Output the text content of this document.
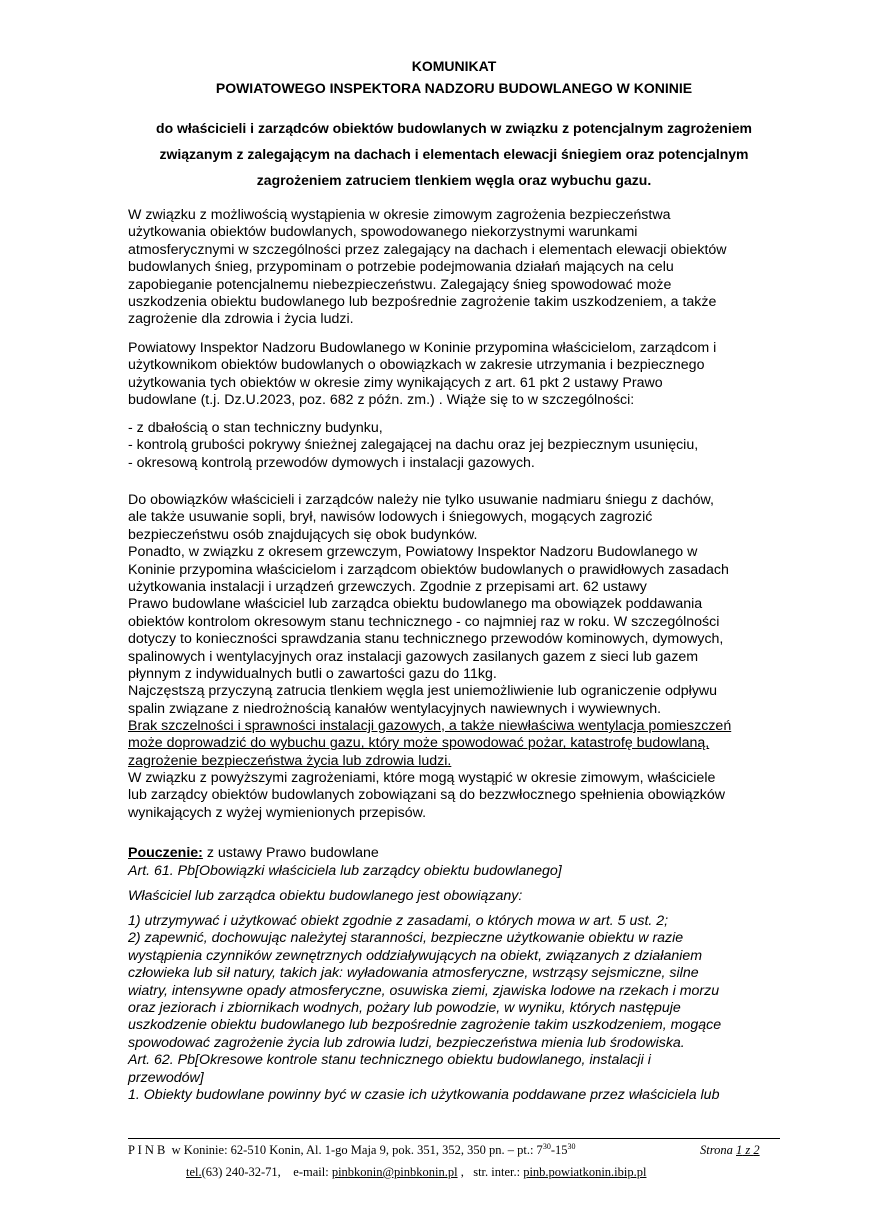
KOMUNIKAT
POWIATOWEGO INSPEKTORA NADZORU BUDOWLANEGO W KONINIE
do właścicieli i zarządców obiektów budowlanych w związku z potencjalnym zagrożeniem
związanym z zalegającym na dachach i elementach elewacji śniegiem oraz potencjalnym
zagrożeniem zatruciem tlenkiem węgla oraz wybuchu gazu.
W związku z możliwością wystąpienia w okresie zimowym zagrożenia bezpieczeństwa
użytkowania obiektów budowlanych, spowodowanego niekorzystnymi warunkami
atmosferycznymi w szczególności przez zalegający na dachach i elementach elewacji obiektów
budowlanych śnieg, przypominam o potrzebie podejmowania działań mających na celu
zapobieganie potencjalnemu niebezpieczeństwu. Zalegający śnieg spowodować może
uszkodzenia obiektu budowlanego lub bezpośrednie zagrożenie takim uszkodzeniem, a także
zagrożenie dla zdrowia i życia ludzi.
Powiatowy Inspektor Nadzoru Budowlanego w Koninie przypomina właścicielom, zarządcom i
użytkownikom obiektów budowlanych o obowiązkach w zakresie utrzymania i bezpiecznego
użytkowania tych obiektów w okresie zimy wynikających z art. 61 pkt 2 ustawy Prawo
budowlane (t.j. Dz.U.2023, poz. 682 z późn. zm.) . Wiąże się to w szczególności:
- z dbałością o stan techniczny budynku,
- kontrolą grubości pokrywy śnieżnej zalegającej na dachu oraz jej bezpiecznym usunięciu,
- okresową kontrolą przewodów dymowych i instalacji gazowych.
Do obowiązków właścicieli i zarządców należy nie tylko usuwanie nadmiaru śniegu z dachów,
ale także usuwanie sopli, brył, nawisów lodowych i śniegowych, mogących zagrozić
bezpieczeństwu osób znajdujących się obok budynków.
Ponadto, w związku z okresem grzewczym, Powiatowy Inspektor Nadzoru Budowlanego w
Koninie przypomina właścicielom i zarządcom obiektów budowlanych o prawidłowych zasadach
użytkowania instalacji i urządzeń grzewczych. Zgodnie z przepisami art. 62 ustawy
Prawo budowlane właściciel lub zarządca obiektu budowlanego ma obowiązek poddawania
obiektów kontrolom okresowym stanu technicznego - co najmniej raz w roku. W szczególności
dotyczy to konieczności sprawdzania stanu technicznego przewodów kominowych, dymowych,
spalinowych i wentylacyjnych oraz instalacji gazowych zasilanych gazem z sieci lub gazem
płynnym z indywidualnych butli o zawartości gazu do 11kg.
Najczęstszą przyczyną zatrucia tlenkiem węgla jest uniemożliwienie lub ograniczenie odpływu
spalin związane z niedrożnością kanałów wentylacyjnych nawiewnych i wywiewnych.
Brak szczelności i sprawności instalacji gazowych, a także niewłaściwa wentylacja pomieszczeń
może doprowadzić do wybuchu gazu, który może spowodować pożar, katastrofę budowlaną,
zagrożenie bezpieczeństwa życia lub zdrowia ludzi.
W związku z powyższymi zagrożeniami, które mogą wystąpić w okresie zimowym, właściciele
lub zarządcy obiektów budowlanych zobowiązani są do bezzwłocznego spełnienia obowiązków
wynikających z wyżej wymienionych przepisów.
Pouczenie: z ustawy Prawo budowlane
Art. 61. Pb[Obowiązki właściciela lub zarządcy obiektu budowlanego]
Właściciel lub zarządca obiektu budowlanego jest obowiązany:
1) utrzymywać i użytkować obiekt zgodnie z zasadami, o których mowa w art. 5 ust. 2;
2) zapewnić, dochowując należytej staranności, bezpieczne użytkowanie obiektu w razie
wystąpienia czynników zewnętrznych oddziaływujących na obiekt, związanych z działaniem
człowieka lub sił natury, takich jak: wyładowania atmosferyczne, wstrząsy sejsmiczne, silne
wiatry, intensywne opady atmosferyczne, osuwiska ziemi, zjawiska lodowe na rzekach i morzu
oraz jeziorach i zbiornikach wodnych, pożary lub powodzie, w wyniku, których następuje
uszkodzenie obiektu budowlanego lub bezpośrednie zagrożenie takim uszkodzeniem, mogące
spowodować zagrożenie życia lub zdrowia ludzi, bezpieczeństwa mienia lub środowiska.
Art. 62. Pb[Okresowe kontrole stanu technicznego obiektu budowlanego, instalacji i
przewodów]
1. Obiekty budowlane powinny być w czasie ich użytkowania poddawane przez właściciela lub
P I N B w Koninie: 62-510 Konin, Al. 1-go Maja 9, pok. 351, 352, 350 pn. – pt.: $7^{30}-15^{30}$	Strona 1 z 2
tel.(63) 240-32-71, e-mail: pinbkonin@pinbkonin.pl , str. inter.: pinb.powiatkonin.ibip.pl
